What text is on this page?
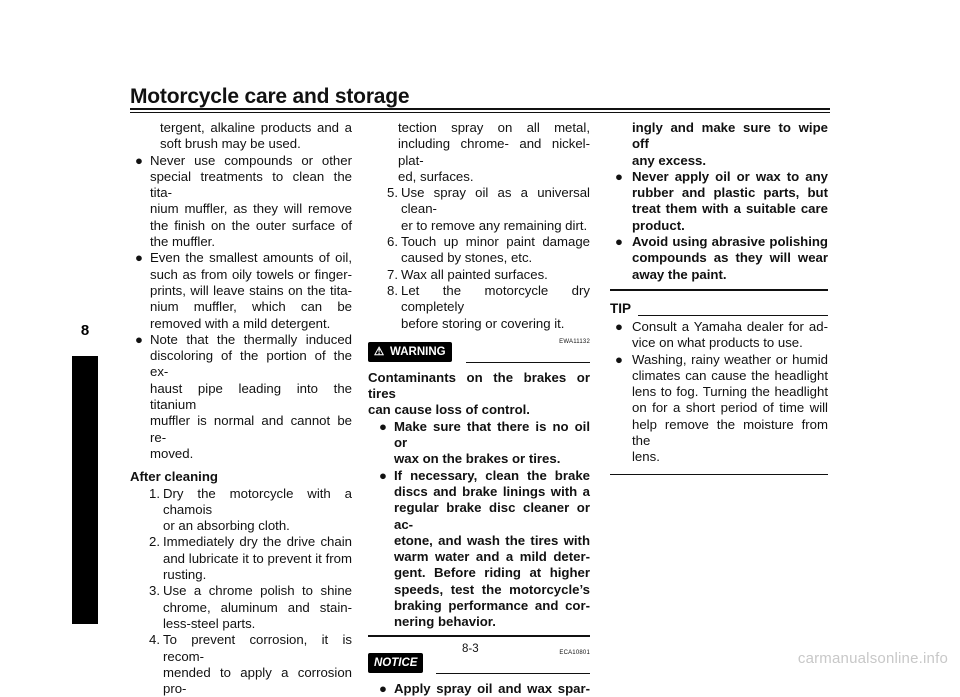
Motorcycle care and storage
8

tergent, alkaline products and a

soft brush may be used.

● Never use compounds or other

special treatments to clean the tita-

nium muffler, as they will remove

the finish on the outer surface of

the muffler.

● Even the smallest amounts of oil,

such as from oily towels or finger-

prints, will leave stains on the tita-

nium muffler, which can be

removed with a mild detergent.

● Note that the thermally induced

discoloring of the portion of the ex-

haust pipe leading into the titanium

muffler is normal and cannot be re-

moved.

After cleaning
1. Dry the motorcycle with a chamois

or an absorbing cloth.

2. Immediately dry the drive chain

and lubricate it to prevent it from

rusting.

3. Use a chrome polish to shine

chrome, aluminum and stain-

less-steel parts.

4. To prevent corrosion, it is recom-

mended to apply a corrosion pro-

tection spray on all metal,

including chrome- and nickel-plat-

ed, surfaces.

5. Use spray oil as a universal clean-

er to remove any remaining dirt.

6. Touch up minor paint damage

caused by stones, etc.

7. Wax all painted surfaces.

8. Let the motorcycle dry completely

before storing or covering it.

EWA11132
⚠ WARNING

Contaminants on the brakes or tires

can cause loss of control.

● Make sure that there is no oil or

wax on the brakes or tires.

● If necessary, clean the brake

discs and brake linings with a

regular brake disc cleaner or ac-

etone, and wash the tires with

warm water and a mild deter-

gent. Before riding at higher

speeds, test the motorcycle’s

braking performance and cor-

nering behavior.

ECA10801
NOTICE
● Apply spray oil and wax spar-

ingly and make sure to wipe off

any excess.

● Never apply oil or wax to any

rubber and plastic parts, but

treat them with a suitable care

product.

● Avoid using abrasive polishing

compounds as they will wear

away the paint.

TIP
● Consult a Yamaha dealer for ad-

vice on what products to use.

● Washing, rainy weather or humid

climates can cause the headlight

lens to fog. Turning the headlight

on for a short period of time will

help remove the moisture from the

lens.

8-3
carmanualsonline.info
